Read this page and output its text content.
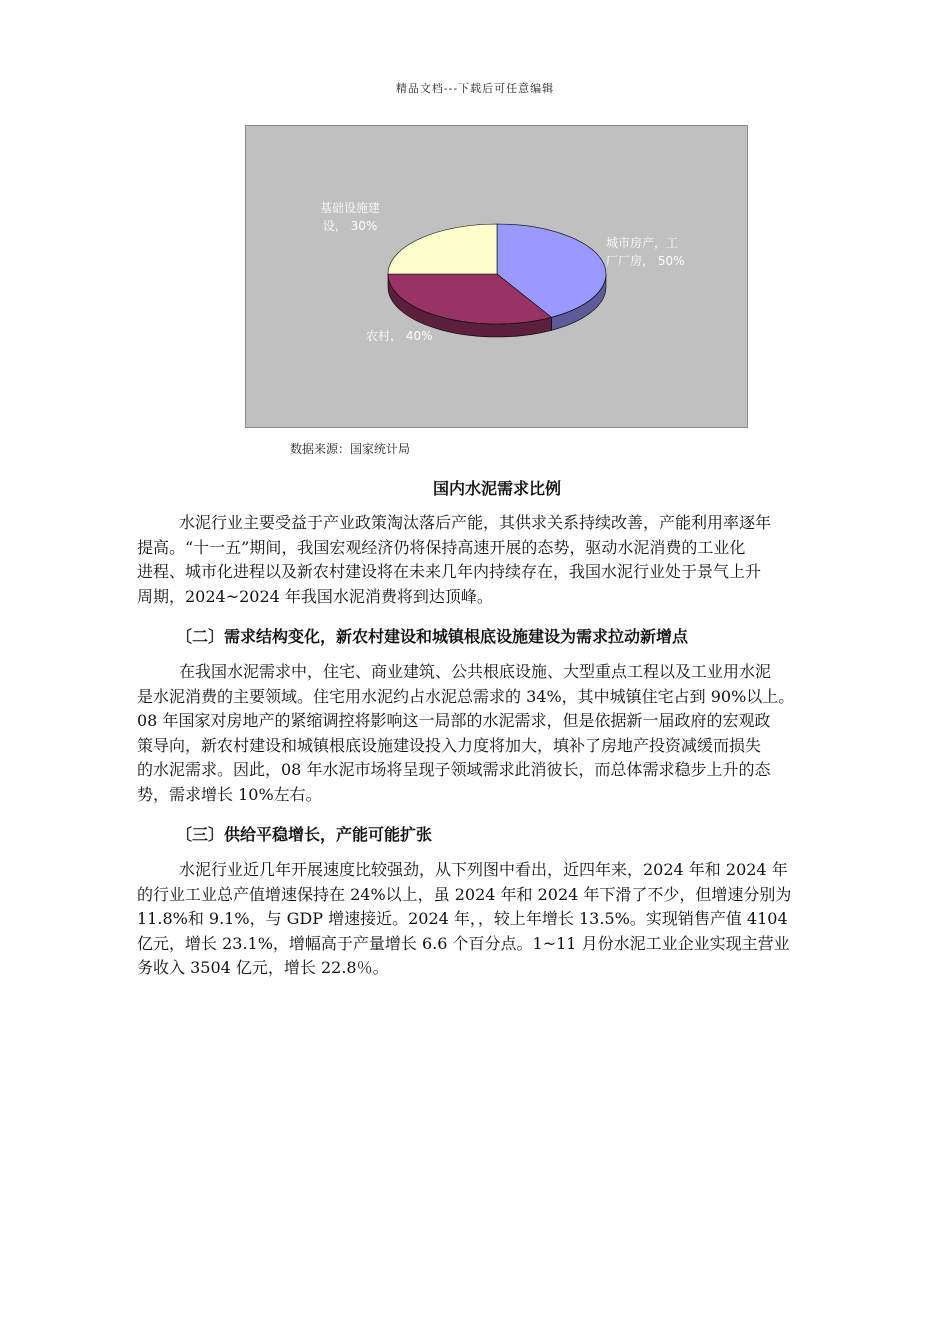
精品文档---下载后可任意编辑
城市房产，工
厂厂房， 50%
农村， 40%
基础设施建
设， 30%
数据来源：国家统计局
国内水泥需求比例

水泥行业主要受益于产业政策淘汰落后产能，其供求关系持续改善，产能利用率逐年
提高。“十一五”期间，我国宏观经济仍将保持高速开展的态势，驱动水泥消费的工业化
进程、城市化进程以及新农村建设将在未来几年内持续存在，我国水泥行业处于景气上升
周期，2024~2024 年我国水泥消费将到达顶峰。

〔二〕需求结构变化，新农村建设和城镇根底设施建设为需求拉动新增点

在我国水泥需求中，住宅、商业建筑、公共根底设施、大型重点工程以及工业用水泥
是水泥消费的主要领域。住宅用水泥约占水泥总需求的 34%，其中城镇住宅占到 90%以上。
08 年国家对房地产的紧缩调控将影响这一局部的水泥需求，但是依据新一届政府的宏观政
策导向，新农村建设和城镇根底设施建设投入力度将加大，填补了房地产投资减缓而损失
的水泥需求。因此，08 年水泥市场将呈现子领域需求此消彼长，而总体需求稳步上升的态
势，需求增长 10%左右。

〔三〕供给平稳增长，产能可能扩张

水泥行业近几年开展速度比较强劲，从下列图中看出，近四年来，2024 年和 2024 年
的行业工业总产值增速保持在 24%以上，虽 2024 年和 2024 年下滑了不少，但增速分别为
11.8%和 9.1%，与 GDP 增速接近。2024 年，，较上年增长 13.5%。实现销售产值 4104
亿元，增长 23.1%，增幅高于产量增长 6.6 个百分点。1~11 月份水泥工业企业实现主营业
务收入 3504 亿元，增长 22.8％。
